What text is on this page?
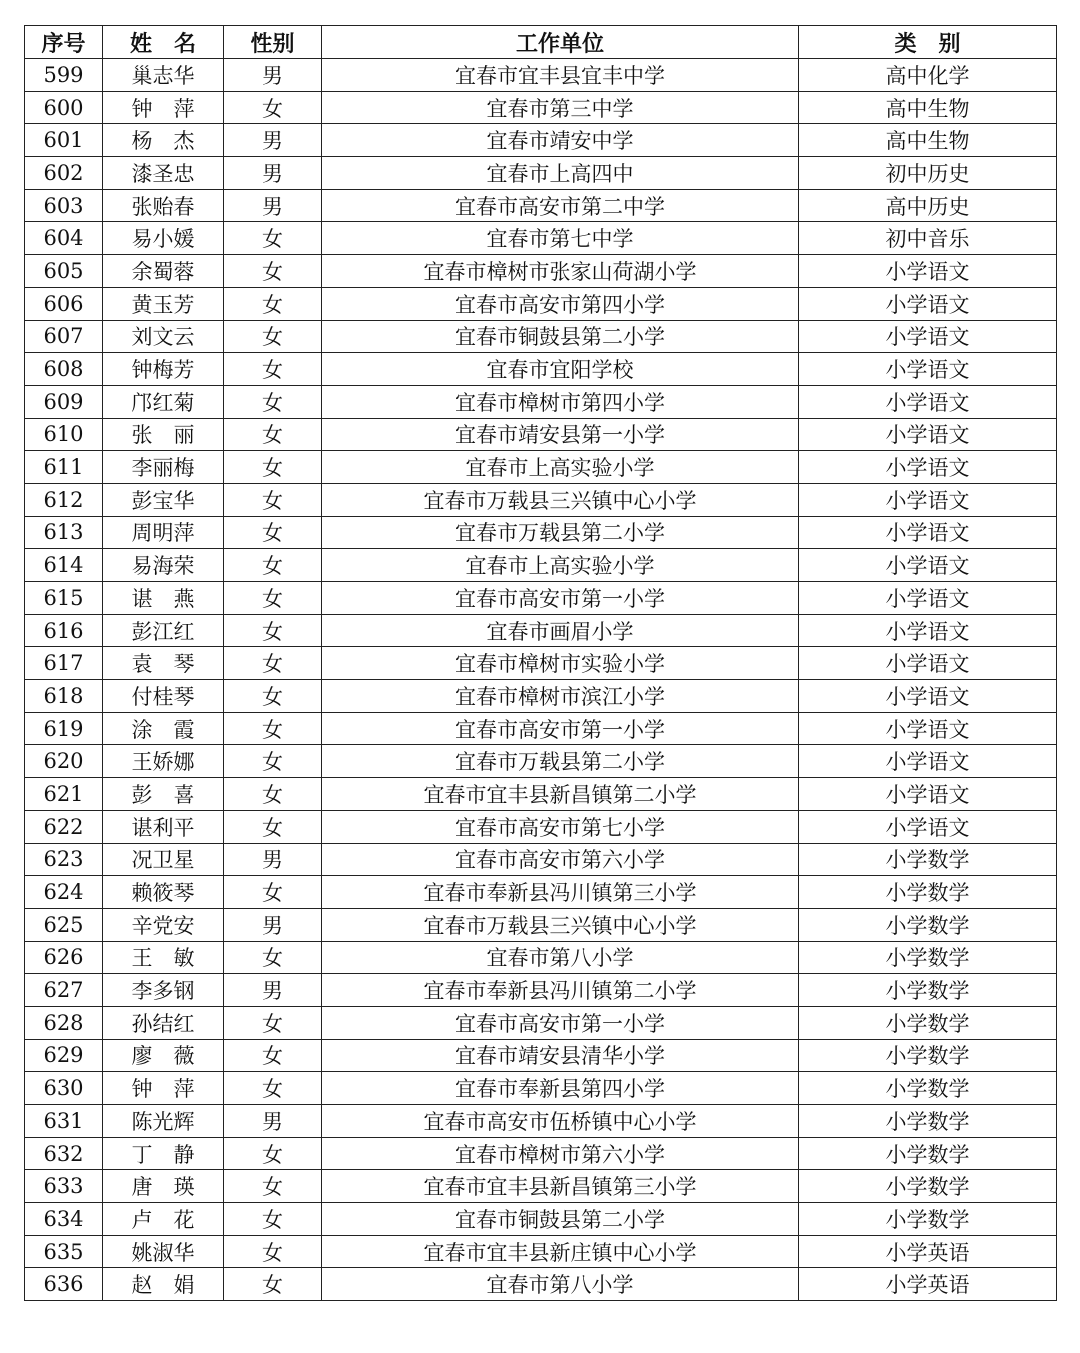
序号	姓　名	性别	工作单位	类　别
599	巢志华	男	宜春市宜丰县宜丰中学	高中化学
600	钟　萍	女	宜春市第三中学	高中生物
601	杨　杰	男	宜春市靖安中学	高中生物
602	漆圣忠	男	宜春市上高四中	初中历史
603	张贻春	男	宜春市高安市第二中学	高中历史
604	易小媛	女	宜春市第七中学	初中音乐
605	余蜀蓉	女	宜春市樟树市张家山荷湖小学	小学语文
606	黄玉芳	女	宜春市高安市第四小学	小学语文
607	刘文云	女	宜春市铜鼓县第二小学	小学语文
608	钟梅芳	女	宜春市宜阳学校	小学语文
609	邝红菊	女	宜春市樟树市第四小学	小学语文
610	张　丽	女	宜春市靖安县第一小学	小学语文
611	李丽梅	女	宜春市上高实验小学	小学语文
612	彭宝华	女	宜春市万载县三兴镇中心小学	小学语文
613	周明萍	女	宜春市万载县第二小学	小学语文
614	易海荣	女	宜春市上高实验小学	小学语文
615	谌　燕	女	宜春市高安市第一小学	小学语文
616	彭江红	女	宜春市画眉小学	小学语文
617	袁　琴	女	宜春市樟树市实验小学	小学语文
618	付桂琴	女	宜春市樟树市滨江小学	小学语文
619	涂　霞	女	宜春市高安市第一小学	小学语文
620	王娇娜	女	宜春市万载县第二小学	小学语文
621	彭　喜	女	宜春市宜丰县新昌镇第二小学	小学语文
622	谌利平	女	宜春市高安市第七小学	小学语文
623	况卫星	男	宜春市高安市第六小学	小学数学
624	赖筱琴	女	宜春市奉新县冯川镇第三小学	小学数学
625	辛党安	男	宜春市万载县三兴镇中心小学	小学数学
626	王　敏	女	宜春市第八小学	小学数学
627	李多钢	男	宜春市奉新县冯川镇第二小学	小学数学
628	孙结红	女	宜春市高安市第一小学	小学数学
629	廖　薇	女	宜春市靖安县清华小学	小学数学
630	钟　萍	女	宜春市奉新县第四小学	小学数学
631	陈光辉	男	宜春市高安市伍桥镇中心小学	小学数学
632	丁　静	女	宜春市樟树市第六小学	小学数学
633	唐　瑛	女	宜春市宜丰县新昌镇第三小学	小学数学
634	卢　花	女	宜春市铜鼓县第二小学	小学数学
635	姚淑华	女	宜春市宜丰县新庄镇中心小学	小学英语
636	赵　娟	女	宜春市第八小学	小学英语
